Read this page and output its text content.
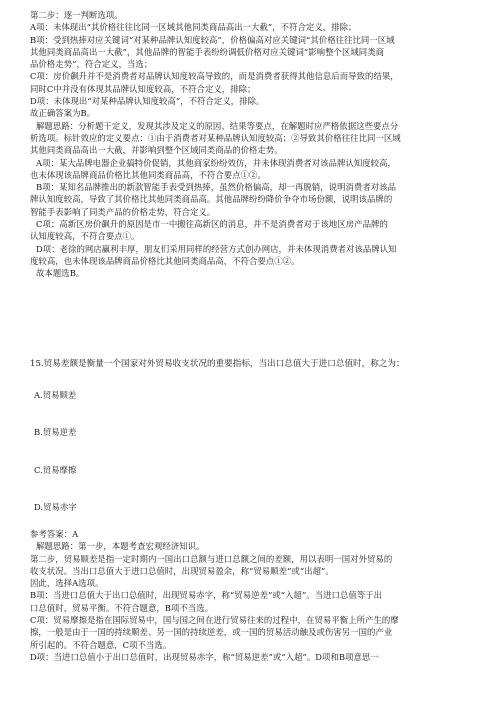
第二步：逐一判断选项。

A项：未体现出“其价格往往比同一区域其他同类商品高出一大截”，不符合定义，排除；

B项：受到热捧对应关键词“对某种品牌认知度较高”，价格偏高对应关键词“其价格往往比同一区域

其他同类商品高出一大截”，其他品牌的智能手表纷纷调低价格对应关键词“影响整个区域同类商

品价格走势”，符合定义，当选；

C项：房价飙升并不是消费者对品牌认知度较高导致的，而是消费者获得其他信息后而导致的结果，

同时C中并没有体现其品牌认知度较高，不符合定义，排除；

D项：未体现出“对某种品牌认知度较高”，不符合定义，排除。

故正确答案为B。

解题思路：分析题干定义，发现其涉及定义的原因、结果等要点，在解题时应严格依据这些要点分

析选项。标针效应的定义要点：①由于消费者对某种品牌认知度较高；②导致其价格往往比同一区域

其他同类商品高出一大截，并影响到整个区域同类商品的价格走势。

A项：某大品牌电器企业搞特价促销，其他商家纷纷效仿，并未体现消费者对该品牌认知度较高，

也未体现该品牌商品价格比其他同类商品高，不符合要点①②。

B项：某知名品牌推出的新款智能手表受到热捧，虽然价格偏高，却一再脱销，说明消费者对该品

牌认知度较高，导致了其价格比其他同类商品高。其他品牌纷纷降价争夺市场份额，说明该品牌的

智能手表影响了同类产品的价格走势，符合定义。

C项：高新区房价飙升的原因是市一中搬往高新区的消息，并不是消费者对于该地区房产品牌的

认知度较高，不符合要点①。

D项：老徐的网店赢利丰厚，朋友们采用同样的经营方式创办网店，并未体现消费者对该品牌认知

度较高，也未体现该品牌商品价格比其他同类商品高，不符合要点①②。

故本题选B。

15.贸易差额是衡量一个国家对外贸易收支状况的重要指标，当出口总值大于进口总值时，称之为：
A.贸易顺差
B.贸易逆差
C.贸易摩擦
D.贸易赤字

参考答案：A

解题思路：第一步，本题考查宏观经济知识。

第二步，贸易顺差是指一定时期内一国出口总额与进口总额之间的差额，用以表明一国对外贸易的

收支状况。当出口总值大于进口总值时，出现贸易盈余，称“贸易顺差”或“出超”。

因此，选择A选项。

B项：当进口总值大于出口总值时，出现贸易赤字，称“贸易逆差”或“入超”。当进口总值等于出

口总值时，贸易平衡。不符合题意，B项不当选。

C项：贸易摩擦是指在国际贸易中，国与国之间在进行贸易往来的过程中，在贸易平衡上所产生的摩

擦，一般是由于一国的持续顺差、另一国的持续逆差，或一国的贸易活动触及或伤害另一国的产业

所引起的。不符合题意，C项不当选。

D项：当进口总值小于出口总值时，出现贸易赤字，称“贸易逆差”或“入超”。D项和B项意思一
